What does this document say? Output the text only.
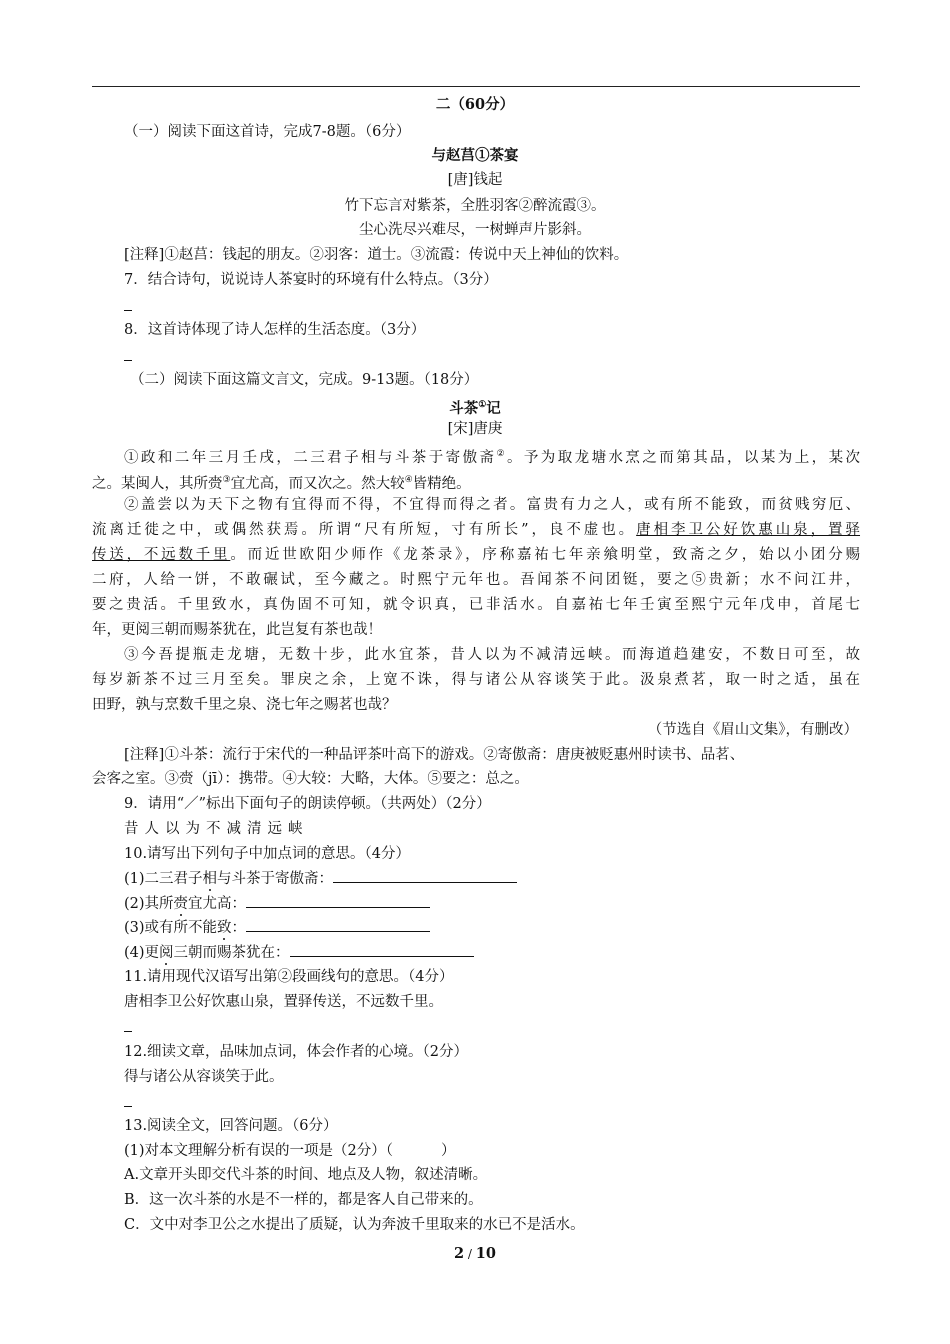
二（60分）
（一）阅读下面这首诗，完成7-8题。（6分）
与赵莒①茶宴
[唐]钱起
竹下忘言对紫茶，全胜羽客②醉流霞③。
尘心洗尽兴难尽，一树蝉声片影斜。
[注释]①赵莒：钱起的朋友。②羽客：道士。③流霞：传说中天上神仙的饮料。
7．结合诗句，说说诗人茶宴时的环境有什么特点。（3分）
8．这首诗体现了诗人怎样的生活态度。（3分）
（二）阅读下面这篇文言文，完成。9-13题。（18分）
斗茶①记
[宋]唐庚
①政和二年三月壬戌，二三君子相与斗茶于寄傲斋②。予为取龙塘水烹之而第其品，以某为上，某次
之。某闽人，其所赍③宜尤高，而又次之。然大较④皆精绝。
②盖尝以为天下之物有宜得而不得，不宜得而得之者。富贵有力之人，或有所不能致，而贫贱穷厄、
流离迁徙之中，或偶然获焉。所谓“尺有所短，寸有所长”，良不虚也。唐相李卫公好饮惠山泉，置驿
传送，不远数千里。而近世欧阳少师作《龙茶录》，序称嘉祐七年亲飨明堂，致斋之夕，始以小团分赐
二府，人给一饼，不敢碾试，至今藏之。时熙宁元年也。吾闻茶不问团铤，要之⑤贵新；水不问江井，
要之贵活。千里致水，真伪固不可知，就令识真，已非活水。自嘉祐七年壬寅至熙宁元年戊申，首尾七
年，更阅三朝而赐茶犹在，此岂复有茶也哉！
③今吾提瓶走龙塘，无数十步，此水宜茶，昔人以为不减清远峡。而海道趋建安，不数日可至，故
每岁新茶不过三月至矣。罪戾之余，上宽不诛，得与诸公从容谈笑于此。汲泉煮茗，取一时之适，虽在
田野，孰与烹数千里之泉、浇七年之赐茗也哉？
（节选自《眉山文集》，有删改）
[注释]①斗茶：流行于宋代的一种品评茶叶高下的游戏。②寄傲斋：唐庚被贬惠州时读书、品茗、
会客之室。③赍（jī）：携带。④大较：大略，大体。⑤要之：总之。
9．请用“／”标出下面句子的朗读停顿。（共两处）（2分）
昔人以为不减清远峡
10.请写出下列句子中加点词的意思。（4分）
(1)二三君子相与斗茶于寄傲斋：
(2)其所赍宜尤高：
(3)或有所不能致：
(4)更阅三朝而赐茶犹在：
11.请用现代汉语写出第②段画线句的意思。（4分）
唐相李卫公好饮惠山泉，置驿传送，不远数千里。
12.细读文章，品味加点词，体会作者的心境。（2分）
得与诸公从容谈笑于此。
13.阅读全文，回答问题。（6分）
(1)对本文理解分析有误的一项是（2分）（	）
A.文章开头即交代斗茶的时间、地点及人物，叙述清晰。
B．这一次斗茶的水是不一样的，都是客人自己带来的。
C．文中对李卫公之水提出了质疑，认为奔波千里取来的水已不是活水。
2 / 10
